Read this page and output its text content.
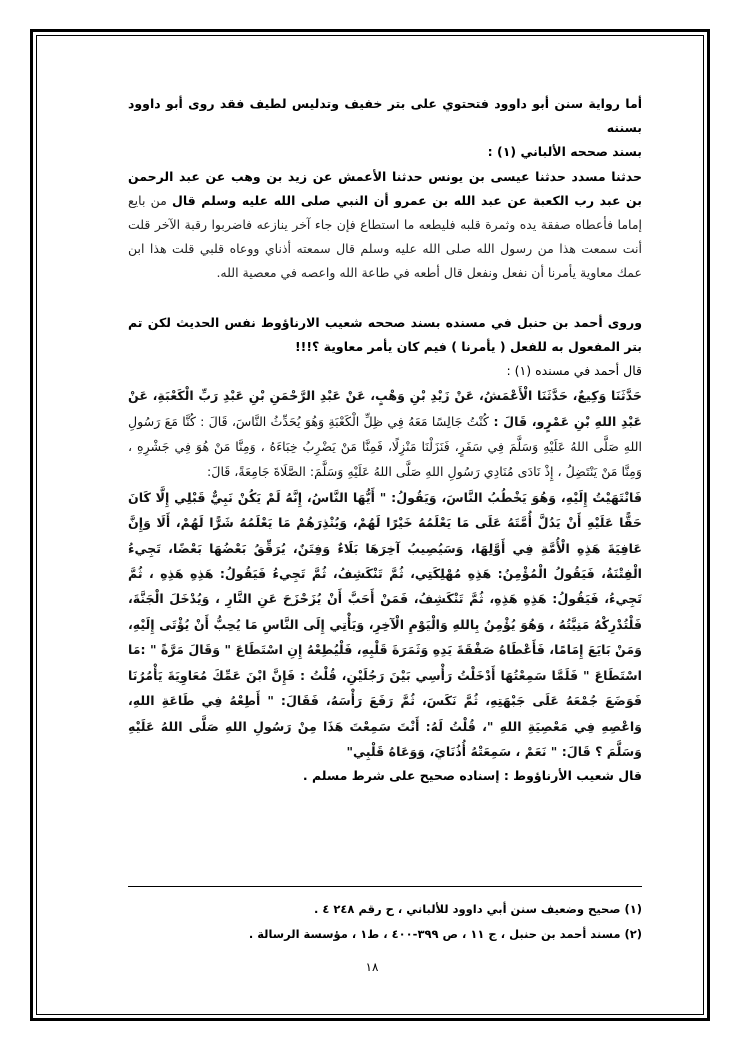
أما رواية سنن أبو داوود فتحتوي على بتر خفيف وتدليس لطيف فقد روى أبو داوود بسننه

بسند صححه الألباني (١) :

حدثنا مسدد حدثنا عيسى بن يونس حدثنا الأعمش عن زيد بن وهب عن عبد الرحمن بن عبد رب الكعبة عن عبد الله بن عمرو أن النبي صلى الله عليه وسلم قال من بايع إماما فأعطاه صفقة يده وثمرة قلبه فليطعه ما استطاع فإن جاء آخر ينازعه فاضربوا رقبة الآخر قلت أنت سمعت هذا من رسول الله صلى الله عليه وسلم قال سمعته أذناي ووعاه قلبي قلت هذا ابن عمك معاوية يأمرنا أن نفعل ونفعل قال أطعه في طاعة الله واعصه في معصية الله.

وروى أحمد بن حنبل في مسنده بسند صححه شعيب الارناؤوط نفس الحديث لكن تم بتر المفعول به للفعل ( يأمرنا ) فيم كان يأمر معاوية ؟!!!

قال أحمد في مسنده (١) :

حَدَّثَنَا وَكِيعٌ، حَدَّثَنَا الْأَعْمَشُ، عَنْ زَيْدِ بْنِ وَهْبٍ، عَنْ عَبْدِ الرَّحْمَنِ بْنِ عَبْدِ رَبِّ الْكَعْبَةِ، عَنْ عَبْدِ اللهِ بْنِ عَمْرٍو، قَالَ : كُنْتُ جَالِسًا مَعَهُ فِي ظِلِّ الْكَعْبَةِ وَهُوَ يُحَدِّثُ النَّاسَ، قَالَ : كُنَّا مَعَ رَسُولِ اللهِ صَلَّى اللهُ عَلَيْهِ وَسَلَّمَ فِي سَفَرٍ، فَنَزَلْنَا مَنْزِلًا، فَمِنَّا مَنْ يَضْرِبُ خِبَاءَهُ ، وَمِنَّا مَنْ هُوَ فِي جَشْرِهِ ، وَمِنَّا مَنْ يَنْتَضِلُ ، إِذْ نَادَى مُنَادِي رَسُولِ اللهِ صَلَّى اللهُ عَلَيْهِ وَسَلَّمَ: الصَّلَاةَ جَامِعَةً، قَالَ:

فَانْتَهَيْتُ إِلَيْهِ، وَهُوَ يَخْطُبُ النَّاسَ، وَيَقُولُ: " أَيُّهَا النَّاسُ، إِنَّهُ لَمْ يَكُنْ نَبِيٌّ قَبْلِي إِلَّا كَانَ حَقًّا عَلَيْهِ أَنْ يَدُلَّ أُمَّتَهُ عَلَى مَا يَعْلَمُهُ خَيْرًا لَهُمْ، وَيُنْذِرَهُمْ مَا يَعْلَمُهُ شَرًّا لَهُمْ، أَلَا وَإِنَّ عَافِيَةَ هَذِهِ الْأُمَّةِ فِي أَوَّلِهَا، وَسَيُصِيبُ آخِرَهَا بَلَاءٌ وَفِتَنٌ، يُرَقِّقُ بَعْضُهَا بَعْضًا، تَجِيءُ الْفِتْنَةُ، فَيَقُولُ الْمُؤْمِنُ: هَذِهِ مُهْلِكَتِي، ثُمَّ تَنْكَشِفُ، ثُمَّ تَجِيءُ فَيَقُولُ: هَذِهِ هَذِهِ ، ثُمَّ تَجِيءُ، فَيَقُولُ: هَذِهِ هَذِهِ، ثُمَّ تَنْكَشِفُ، فَمَنْ أَحَبَّ أَنْ يُزَحْزَحَ عَنِ النَّارِ ، وَيُدْخَلَ الْجَنَّةَ، فَلْتُدْرِكْهُ مَنِيَّتُهُ ، وَهُوَ يُؤْمِنُ بِاللهِ وَالْيَوْمِ الْآخِرِ، وَيَأْتِي إِلَى النَّاسِ مَا يُحِبُّ أَنْ يُؤْتَى إِلَيْهِ، وَمَنْ بَايَعَ إِمَامًا، فَأَعْطَاهُ صَفْقَةَ يَدِهِ وَثَمَرَةَ قَلْبِهِ، فَلْيُطِعْهُ إِنِ اسْتَطَاعَ " وَقَالَ مَرَّةً " :مَا اسْتَطَاعَ " فَلَمَّا سَمِعْتُهَا أَدْخَلْتُ رَأْسِي بَيْنَ رَجُلَيْنِ، قُلْتُ : فَإِنَّ ابْنَ عَمِّكَ مُعَاوِيَةَ يَأْمُرُنَا فَوَضَعَ جُمْعَهُ عَلَى جَبْهَتِهِ، ثُمَّ نَكَسَ، ثُمَّ رَفَعَ رَأْسَهُ، فَقَالَ: " أَطِعْهُ فِي طَاعَةِ اللهِ، وَاعْصِهِ فِي مَعْصِيَةِ اللهِ "، قُلْتُ لَهُ: أَنْتَ سَمِعْتَ هَذَا مِنْ رَسُولِ اللهِ صَلَّى اللهُ عَلَيْهِ وَسَلَّمَ ؟ قَالَ: " نَعَمْ ، سَمِعَتْهُ أُذُنَايَ، وَوَعَاهُ قَلْبِي"

قال شعيب الأرناؤوط : إسناده صحيح على شرط مسلم .

(١) صحيح وضعيف سنن أبي داوود للألباني ، ح رقم ٢٤٨ ٤ .

(٢) مسند أحمد بن حنبل ، ج ١١ ، ص ٣٩٩-٤٠٠ ، ط١ ، مؤسسة الرسالة .

١٨
